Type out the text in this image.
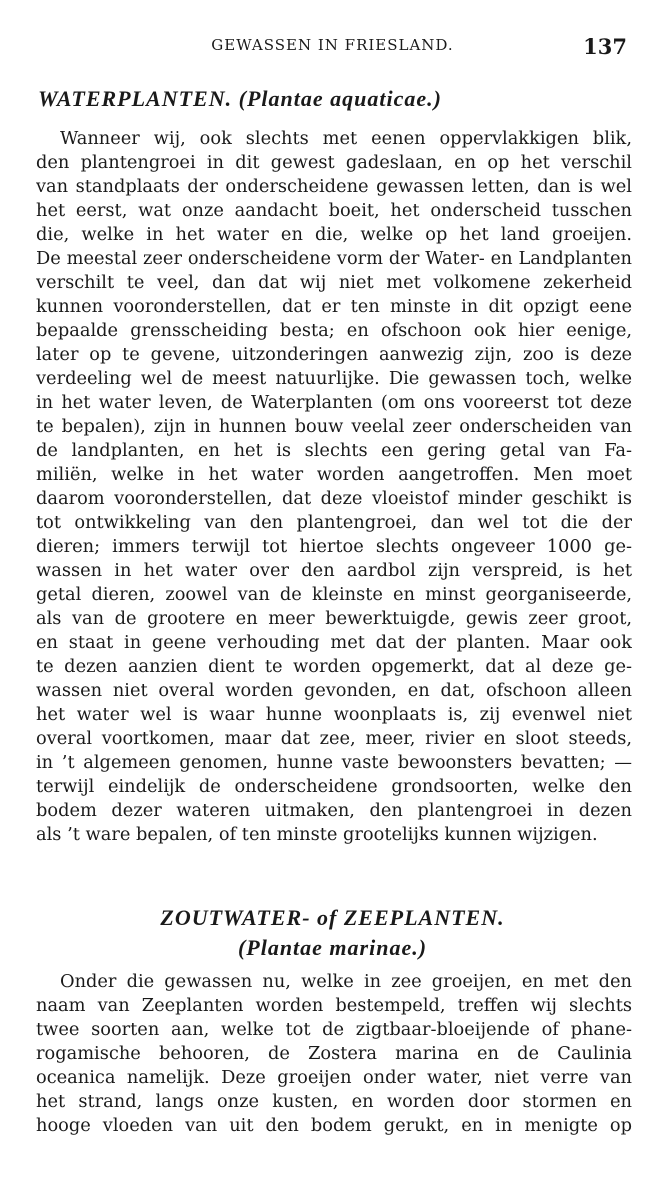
GEWASSEN IN FRIESLAND.	137
WATERPLANTEN. (Plantae aquaticae.)
Wanneer wij, ook slechts met eenen oppervlakkigen blik,
den plantengroei in dit gewest gadeslaan, en op het verschil
van standplaats der onderscheidene gewassen letten, dan is wel
het eerst, wat onze aandacht boeit, het onderscheid tusschen
die, welke in het water en die, welke op het land groeijen.
De meestal zeer onderscheidene vorm der Water- en Landplanten
verschilt te veel, dan dat wij niet met volkomene zekerheid
kunnen vooronderstellen, dat er ten minste in dit opzigt eene
bepaalde grensscheiding besta; en ofschoon ook hier eenige,
later op te gevene, uitzonderingen aanwezig zijn, zoo is deze
verdeeling wel de meest natuurlijke. Die gewassen toch, welke
in het water leven, de Waterplanten (om ons vooreerst tot deze
te bepalen), zijn in hunnen bouw veelal zeer onderscheiden van
de landplanten, en het is slechts een gering getal van Fa-
miliën, welke in het water worden aangetroffen. Men moet
daarom vooronderstellen, dat deze vloeistof minder geschikt is
tot ontwikkeling van den plantengroei, dan wel tot die der
dieren; immers terwijl tot hiertoe slechts ongeveer 1000 ge-
wassen in het water over den aardbol zijn verspreid, is het
getal dieren, zoowel van de kleinste en minst georganiseerde,
als van de grootere en meer bewerktuigde, gewis zeer groot,
en staat in geene verhouding met dat der planten. Maar ook
te dezen aanzien dient te worden opgemerkt, dat al deze ge-
wassen niet overal worden gevonden, en dat, ofschoon alleen
het water wel is waar hunne woonplaats is, zij evenwel niet
overal voortkomen, maar dat zee, meer, rivier en sloot steeds,
in ’t algemeen genomen, hunne vaste bewoonsters bevatten; —
terwijl eindelijk de onderscheidene grondsoorten, welke den
bodem dezer wateren uitmaken, den plantengroei in dezen
als ’t ware bepalen, of ten minste grootelijks kunnen wijzigen.
ZOUTWATER- of ZEEPLANTEN.
(Plantae marinae.)
Onder die gewassen nu, welke in zee groeijen, en met den
naam van Zeeplanten worden bestempeld, treffen wij slechts
twee soorten aan, welke tot de zigtbaar-bloeijende of phane-
rogamische behooren, de Zostera marina en de Caulinia
oceanica namelijk. Deze groeijen onder water, niet verre van
het strand, langs onze kusten, en worden door stormen en
hooge vloeden van uit den bodem gerukt, en in menigte op
